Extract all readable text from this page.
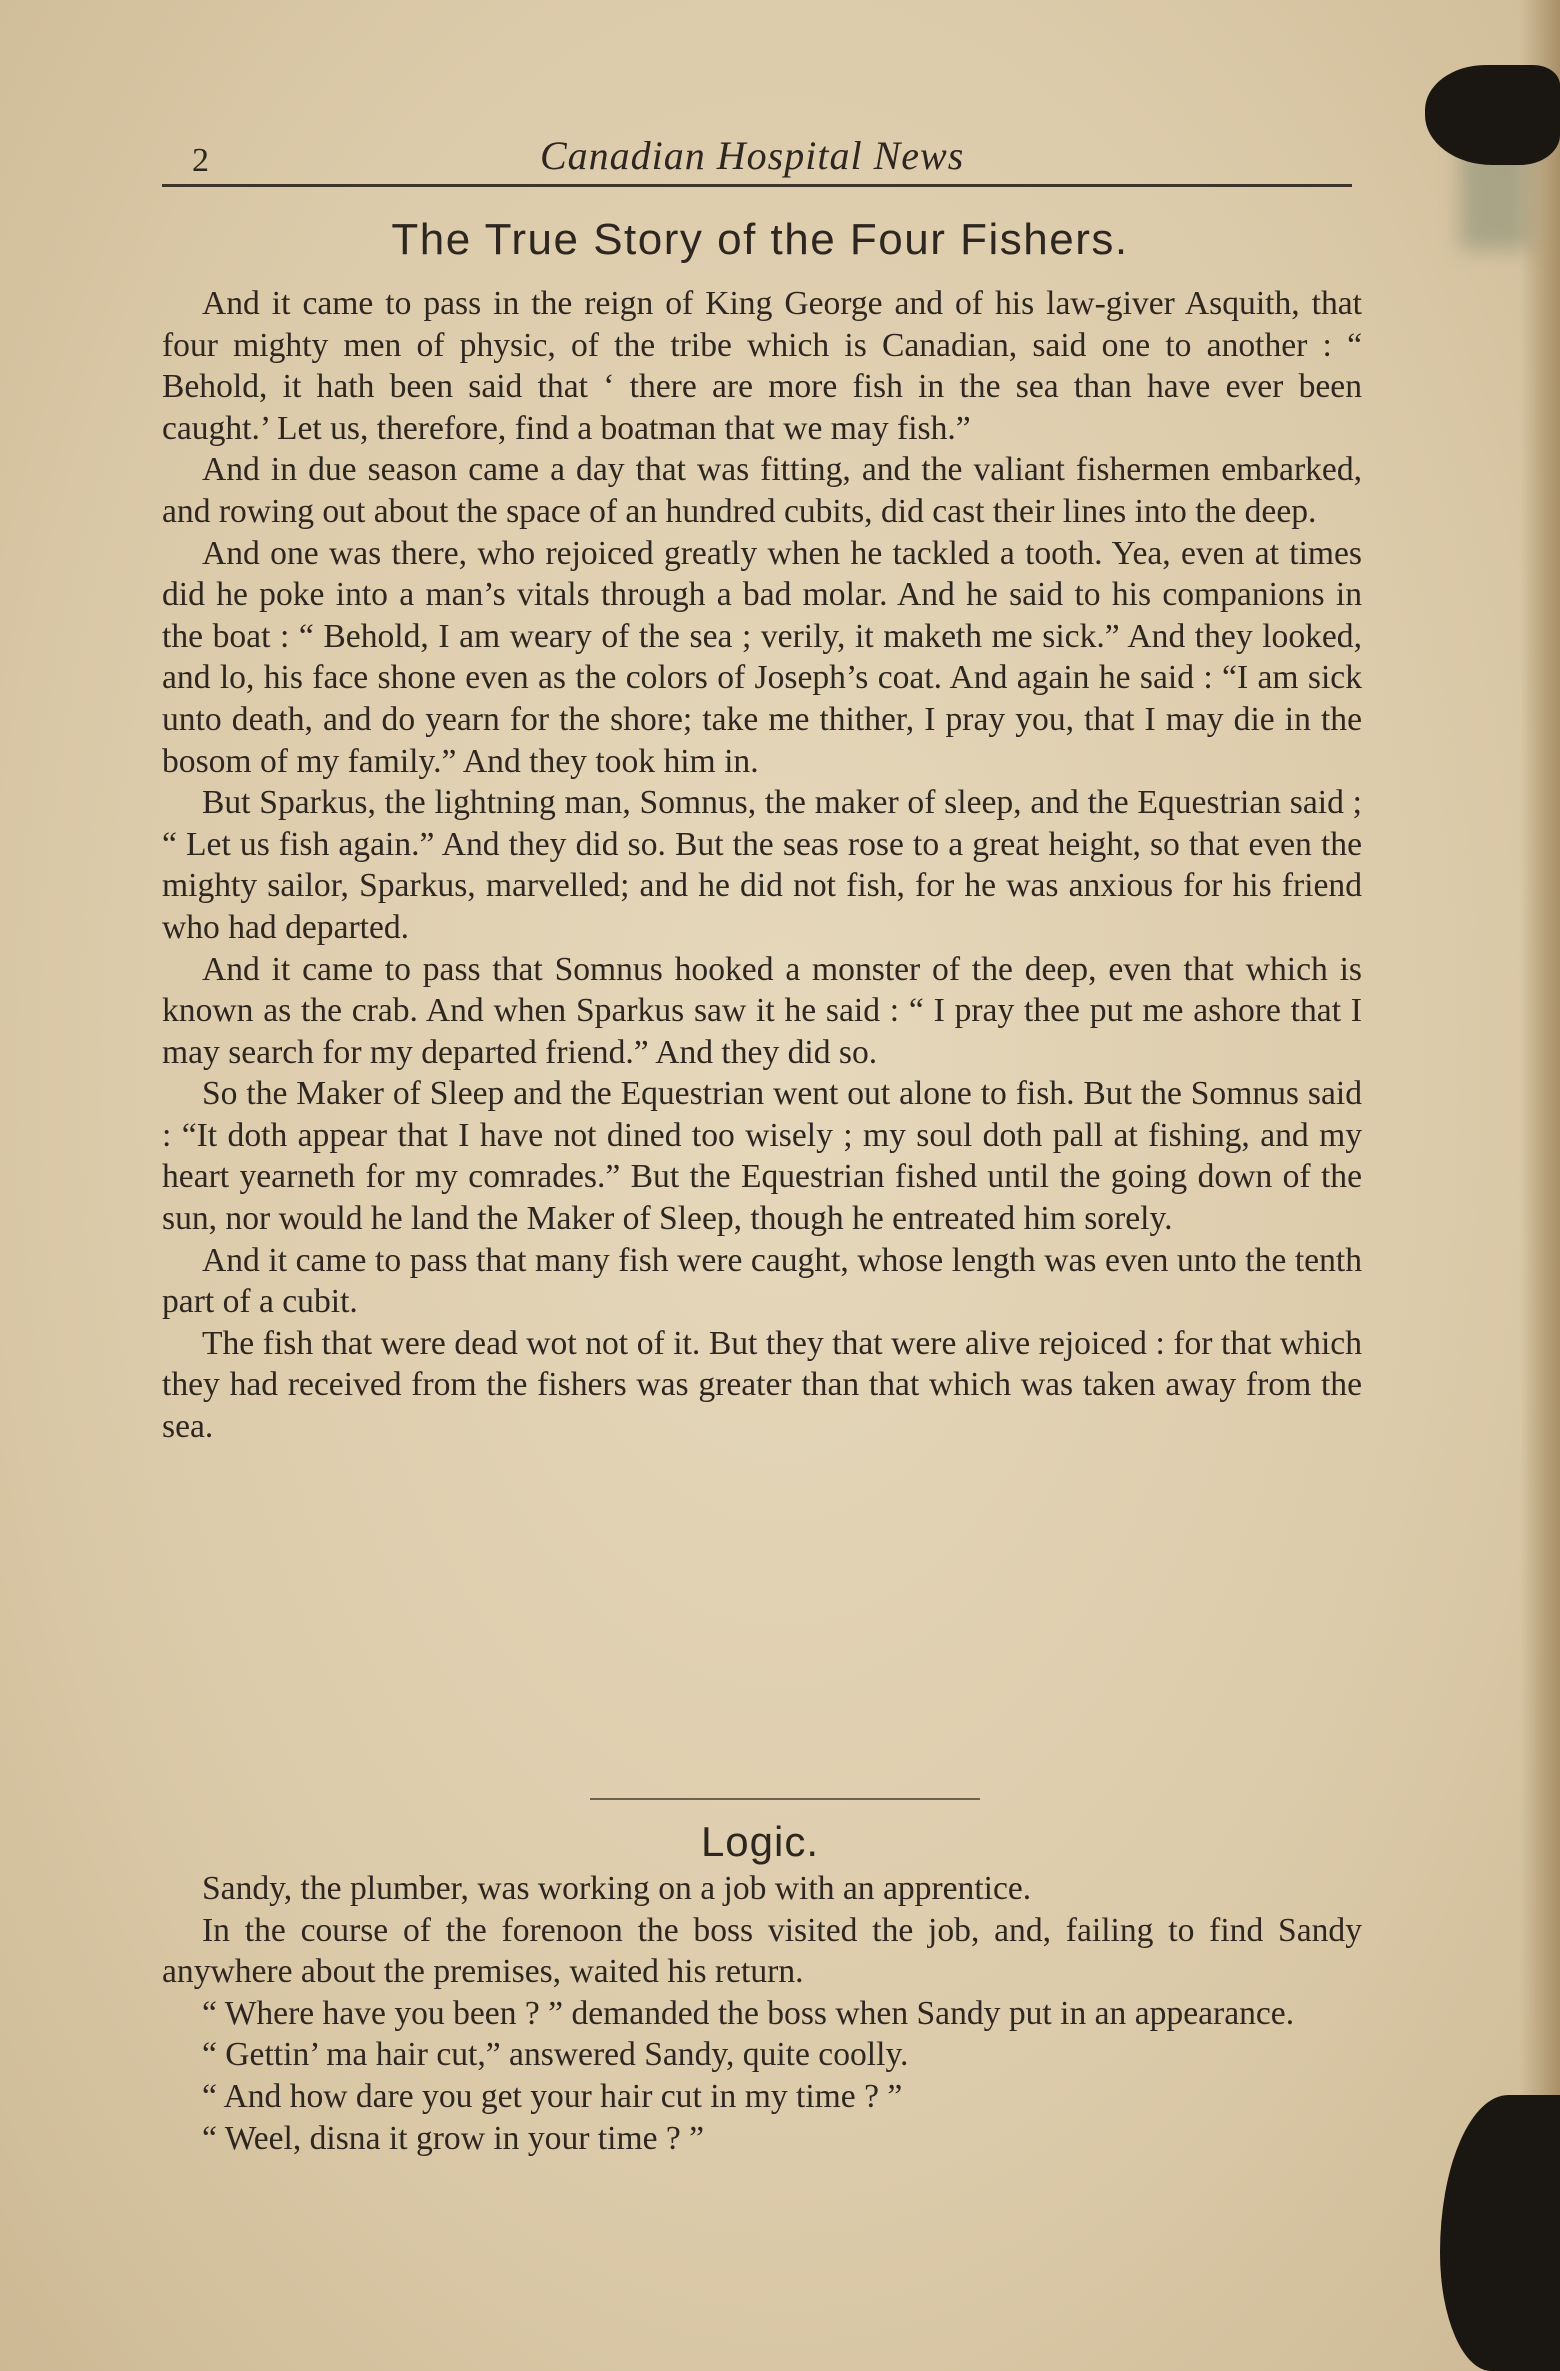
2	Canadian Hospital News
The True Story of the Four Fishers.

And it came to pass in the reign of King George and of his law-giver Asquith, that four mighty men of physic, of the tribe which is Canadian, said one to another : “ Behold, it hath been said that ‘ there are more fish in the sea than have ever been caught.’ Let us, therefore, find a boatman that we may fish.”

And in due season came a day that was fitting, and the valiant fishermen embarked, and rowing out about the space of an hundred cubits, did cast their lines into the deep.

And one was there, who rejoiced greatly when he tackled a tooth. Yea, even at times did he poke into a man’s vitals through a bad molar. And he said to his companions in the boat : “ Behold, I am weary of the sea ; verily, it maketh me sick.” And they looked, and lo, his face shone even as the colors of Joseph’s coat. And again he said : “I am sick unto death, and do yearn for the shore; take me thither, I pray you, that I may die in the bosom of my family.” And they took him in.

But Sparkus, the lightning man, Somnus, the maker of sleep, and the Equestrian said ; “ Let us fish again.” And they did so. But the seas rose to a great height, so that even the mighty sailor, Sparkus, marvelled; and he did not fish, for he was anxious for his friend who had departed.

And it came to pass that Somnus hooked a monster of the deep, even that which is known as the crab. And when Sparkus saw it he said : “ I pray thee put me ashore that I may search for my departed friend.” And they did so.

So the Maker of Sleep and the Equestrian went out alone to fish. But the Somnus said : “It doth appear that I have not dined too wisely ; my soul doth pall at fishing, and my heart yearneth for my comrades.” But the Equestrian fished until the going down of the sun, nor would he land the Maker of Sleep, though he entreated him sorely.

And it came to pass that many fish were caught, whose length was even unto the tenth part of a cubit.

The fish that were dead wot not of it. But they that were alive rejoiced : for that which they had received from the fishers was greater than that which was taken away from the sea.

Logic.

Sandy, the plumber, was working on a job with an apprentice.

In the course of the forenoon the boss visited the job, and, failing to find Sandy anywhere about the premises, waited his return.

“ Where have you been ? ” demanded the boss when Sandy put in an appearance.

“ Gettin’ ma hair cut,” answered Sandy, quite coolly.

“ And how dare you get your hair cut in my time ? ”

“ Weel, disna it grow in your time ? ”
